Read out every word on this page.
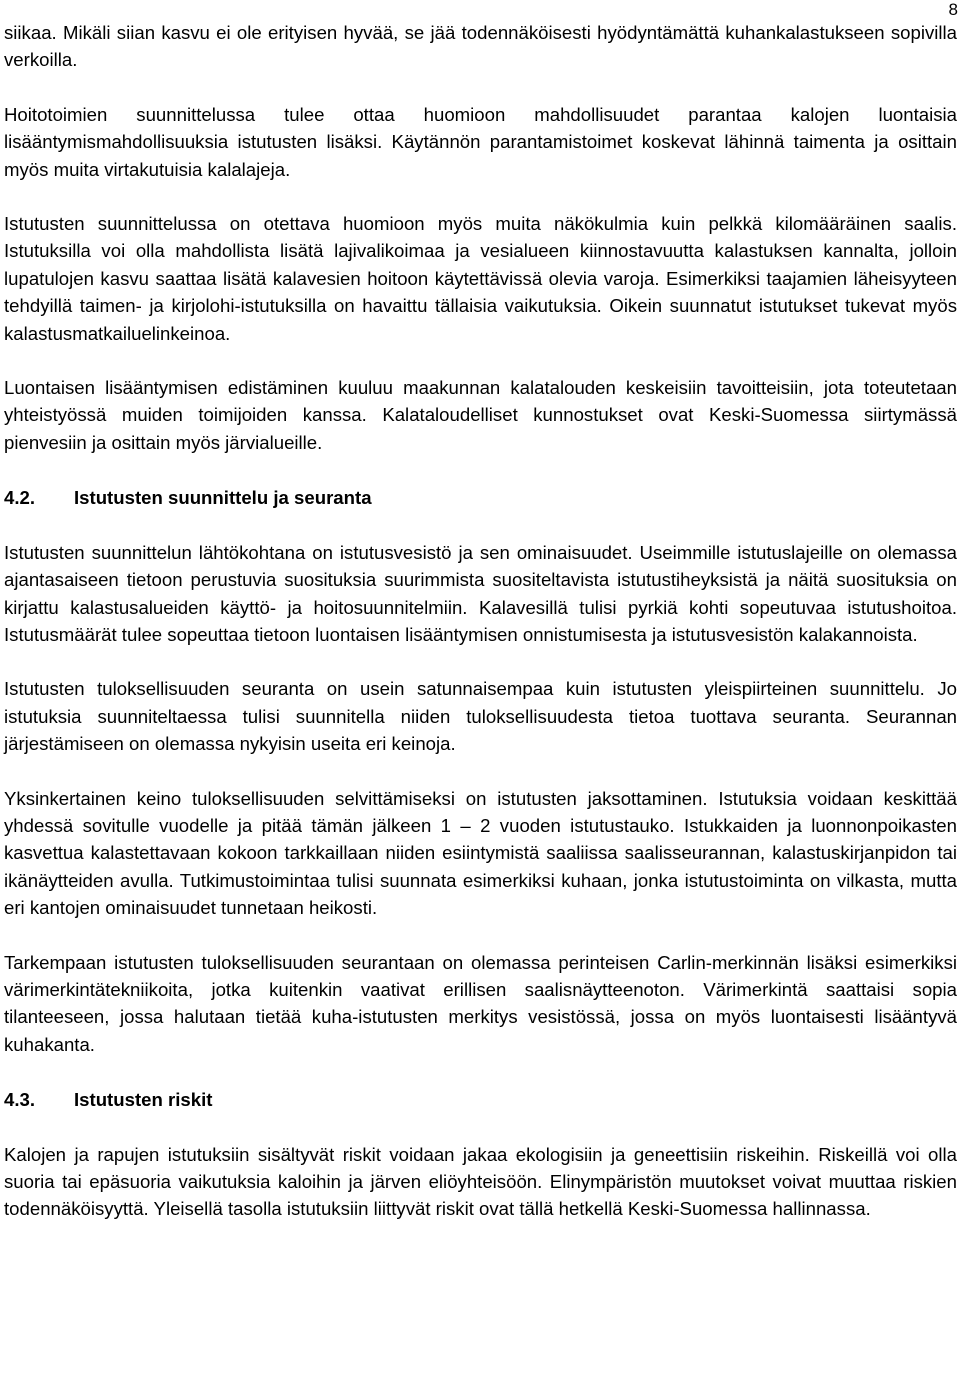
8

siikaa. Mikäli siian kasvu ei ole erityisen hyvää, se jää todennäköisesti hyödyntämättä kuhankalastukseen sopivilla verkoilla.

Hoitotoimien suunnittelussa tulee ottaa huomioon mahdollisuudet parantaa kalojen luontaisia lisääntymismahdollisuuksia istutusten lisäksi. Käytännön parantamistoimet koskevat lähinnä taimenta ja osittain myös muita virtakutuisia kalalajeja.

Istutusten suunnittelussa on otettava huomioon myös muita näkökulmia kuin pelkkä kilomääräinen saalis. Istutuksilla voi olla mahdollista lisätä lajivalikoimaa ja vesialueen kiinnostavuutta kalastuksen kannalta, jolloin lupatulojen kasvu saattaa lisätä kalavesien hoitoon käytettävissä olevia varoja. Esimerkiksi taajamien läheisyyteen tehdyillä taimen- ja kirjolohi-istutuksilla on havaittu tällaisia vaikutuksia. Oikein suunnatut istutukset tukevat myös kalastusmatkailuelinkeinoa.

Luontaisen lisääntymisen edistäminen kuuluu maakunnan kalatalouden keskeisiin tavoitteisiin, jota toteutetaan yhteistyössä muiden toimijoiden kanssa. Kalataloudelliset kunnostukset ovat Keski-Suomessa siirtymässä pienvesiin ja osittain myös järvialueille.

4.2.	Istutusten suunnittelu ja seuranta

Istutusten suunnittelun lähtökohtana on istutusvesistö ja sen ominaisuudet. Useimmille istutuslajeille on olemassa ajantasaiseen tietoon perustuvia suosituksia suurimmista suositeltavista istutustiheyksistä ja näitä suosituksia on kirjattu kalastusalueiden käyttö- ja hoitosuunnitelmiin. Kalavesillä tulisi pyrkiä kohti sopeutuvaa istutushoitoa. Istutusmäärät tulee sopeuttaa tietoon luontaisen lisääntymisen onnistumisesta ja istutusvesistön kalakannoista.

Istutusten tuloksellisuuden seuranta on usein satunnaisempaa kuin istutusten yleispiirteinen suunnittelu. Jo istutuksia suunniteltaessa tulisi suunnitella niiden tuloksellisuudesta tietoa tuottava seuranta. Seurannan järjestämiseen on olemassa nykyisin useita eri keinoja.

Yksinkertainen keino tuloksellisuuden selvittämiseksi on istutusten jaksottaminen. Istutuksia voidaan keskittää yhdessä sovitulle vuodelle ja pitää tämän jälkeen 1 – 2 vuoden istutustauko. Istukkaiden ja luonnonpoikasten kasvettua kalastettavaan kokoon tarkkaillaan niiden esiintymistä saaliissa saalisseurannan, kalastuskirjanpidon tai ikänäytteiden avulla. Tutkimustoimintaa tulisi suunnata esimerkiksi kuhaan, jonka istutustoiminta on vilkasta, mutta eri kantojen ominaisuudet tunnetaan heikosti.

Tarkempaan istutusten tuloksellisuuden seurantaan on olemassa perinteisen Carlin-merkinnän lisäksi esimerkiksi värimerkintätekniikoita, jotka kuitenkin vaativat erillisen saalisnäytteenoton. Värimerkintä saattaisi sopia tilanteeseen, jossa halutaan tietää kuha-istutusten merkitys vesistössä, jossa on myös luontaisesti lisääntyvä kuhakanta.

4.3.	Istutusten riskit

Kalojen ja rapujen istutuksiin sisältyvät riskit voidaan jakaa ekologisiin ja geneettisiin riskeihin. Riskeillä voi olla suoria tai epäsuoria vaikutuksia kaloihin ja järven eliöyhteisöön. Elinympäristön muutokset voivat muuttaa riskien todennäköisyyttä. Yleisellä tasolla istutuksiin liittyvät riskit ovat tällä hetkellä Keski-Suomessa hallinnassa.
